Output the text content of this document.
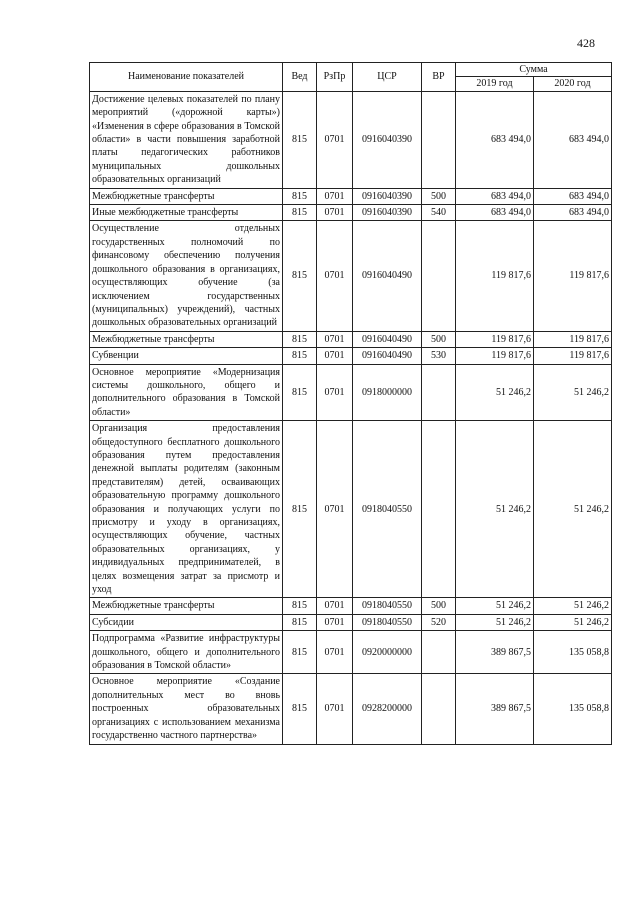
428
Наименование показателей	Вед	РзПр	ЦСР	ВР	Сумма	
					2019 год	2020 год
Достижение целевых показателей по плану мероприятий («дорожной карты») «Изменения в сфере образования в Томской области» в части повышения заработной платы педагогических работников муниципальных дошкольных образовательных организаций	815	0701	0916040390		683 494,0	683 494,0
Межбюджетные трансферты	815	0701	0916040390	500	683 494,0	683 494,0
Иные межбюджетные трансферты	815	0701	0916040390	540	683 494,0	683 494,0
Осуществление отдельных государственных полномочий по финансовому обеспечению получения дошкольного образования в организациях, осуществляющих обучение (за исключением государственных (муниципальных) учреждений), частных дошкольных образовательных организаций	815	0701	0916040490		119 817,6	119 817,6
Межбюджетные трансферты	815	0701	0916040490	500	119 817,6	119 817,6
Субвенции	815	0701	0916040490	530	119 817,6	119 817,6
Основное мероприятие «Модернизация системы дошкольного, общего и дополнительного образования в Томской области»	815	0701	0918000000		51 246,2	51 246,2
Организация предоставления общедоступного бесплатного дошкольного образования путем предоставления денежной выплаты родителям (законным представителям) детей, осваивающих образовательную программу дошкольного образования и получающих услуги по присмотру и уходу в организациях, осуществляющих обучение, частных образовательных организациях, у индивидуальных предпринимателей, в целях возмещения затрат за присмотр и уход	815	0701	0918040550		51 246,2	51 246,2
Межбюджетные трансферты	815	0701	0918040550	500	51 246,2	51 246,2
Субсидии	815	0701	0918040550	520	51 246,2	51 246,2
Подпрограмма «Развитие инфраструктуры дошкольного, общего и дополнительного образования в Томской области»	815	0701	0920000000		389 867,5	135 058,8
Основное мероприятие «Создание дополнительных мест во вновь построенных образовательных организациях с использованием механизма государственно частного партнерства»	815	0701	0928200000		389 867,5	135 058,8
